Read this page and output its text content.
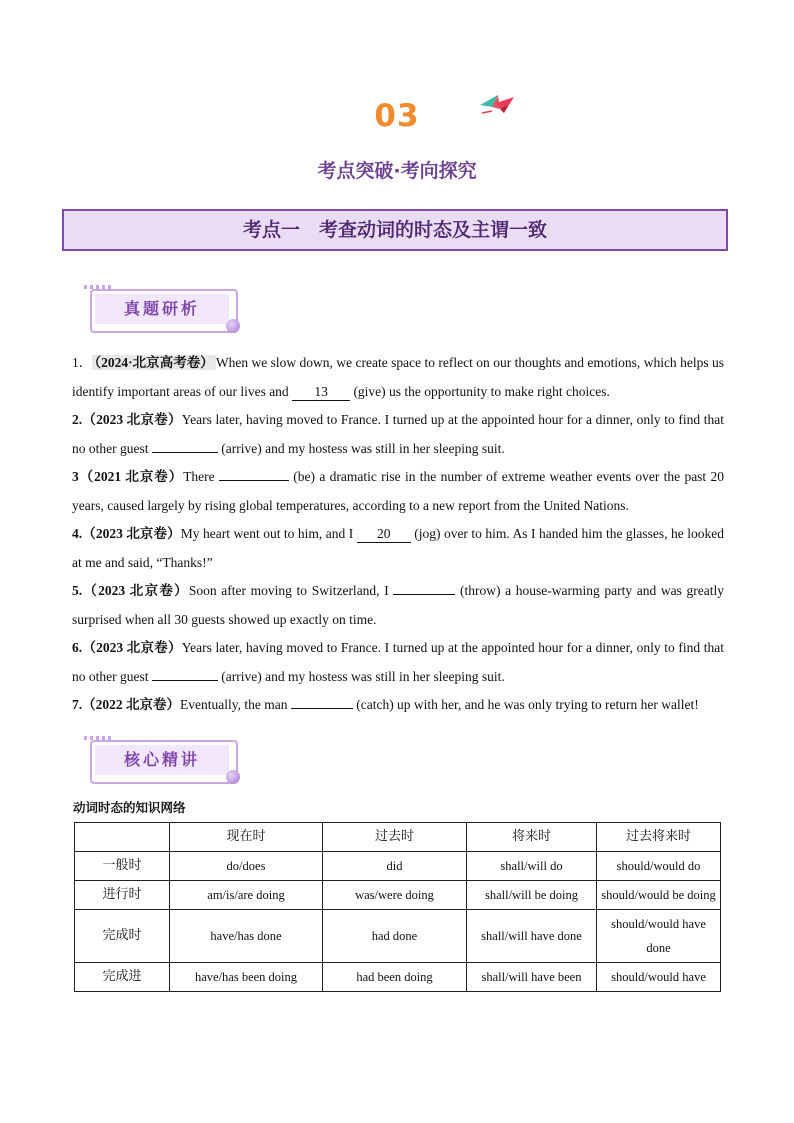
03
考点突破·考向探究
考点一　考查动词的时态及主谓一致
真题研析

1． （2024·北京高考卷） When we slow down, we create space to reflect on our thoughts and emotions, which helps us identify important areas of our lives and 13 (give) us the opportunity to make right choices.

2.（2023 北京卷）Years later, having moved to France. I turned up at the appointed hour for a dinner, only to find that no other guest	(arrive) and my hostess was still in her sleeping suit.

3（2021 北京卷）There	(be) a dramatic rise in the number of extreme weather events over the past 20 years, caused largely by rising global temperatures, according to a new report from the United Nations.

4.（2023 北京卷）My heart went out to him, and I 20 (jog) over to him. As I handed him the glasses, he looked at me and said, “Thanks!”

5.（2023 北京卷）Soon after moving to Switzerland, I	(throw) a house-warming party and was greatly surprised when all 30 guests showed up exactly on time.

6.（2023 北京卷）Years later, having moved to France. I turned up at the appointed hour for a dinner, only to find that no other guest	(arrive) and my hostess was still in her sleeping suit.

7.（2022 北京卷）Eventually, the man	(catch) up with her, and he was only trying to return her wallet!

核心精讲
动词时态的知识网络
	现在时	过去时	将来时	过去将来时
一般时	do/does	did	shall/will do	should/would do
进行时	am/is/are doing	was/were doing	shall/will be doing	should/would be doing
完成时	have/has done	had done	shall/will have done	should/would have done
完成进	have/has been doing	had been doing	shall/will have been	should/would have
